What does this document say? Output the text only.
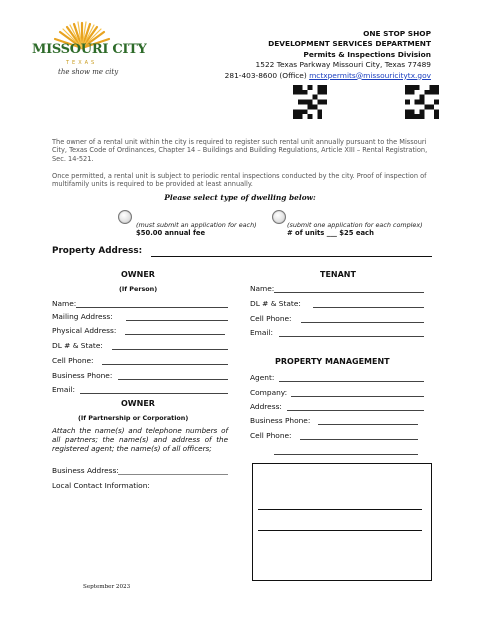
MISSOURI CITY
TEXAS
the show me city
ONE STOP SHOP
DEVELOPMENT SERVICES DEPARTMENT
Permits & Inspections Division
1522 Texas Parkway Missouri City, Texas 77489
281-403-8600 (Office) mctxpermits@missouricitytx.gov
The owner of a rental unit within the city is required to register such rental unit annually pursuant to the Missouri City, Texas Code of Ordinances, Chapter 14 – Buildings and Building Regulations, Article XIII – Rental Registration, Sec. 14-521.
Once permitted, a rental unit is subject to periodic rental inspections conducted by the city. Proof of inspection of multifamily units is required to be provided at least annually.
Please select type of dwelling below:
(must submit an application for each)
$50.00 annual fee
(submit one application for each complex)
# of units ___ $25 each
Property Address:
OWNER
(If Person)
Name:
Mailing Address:
Physical Address:
DL # & State:
Cell Phone:
Business Phone:
Email:
OWNER
(If Partnership or Corporation)
Attach the name(s) and telephone numbers of all partners; the name(s) and address of the registered agent; the name(s) of all officers;
Business Address:
Local Contact Information:
TENANT
Name:
DL # & State:
Cell Phone:
Email:
PROPERTY MANAGEMENT
Agent:
Company:
Address:
Business Phone:
Cell Phone:
September 2023
